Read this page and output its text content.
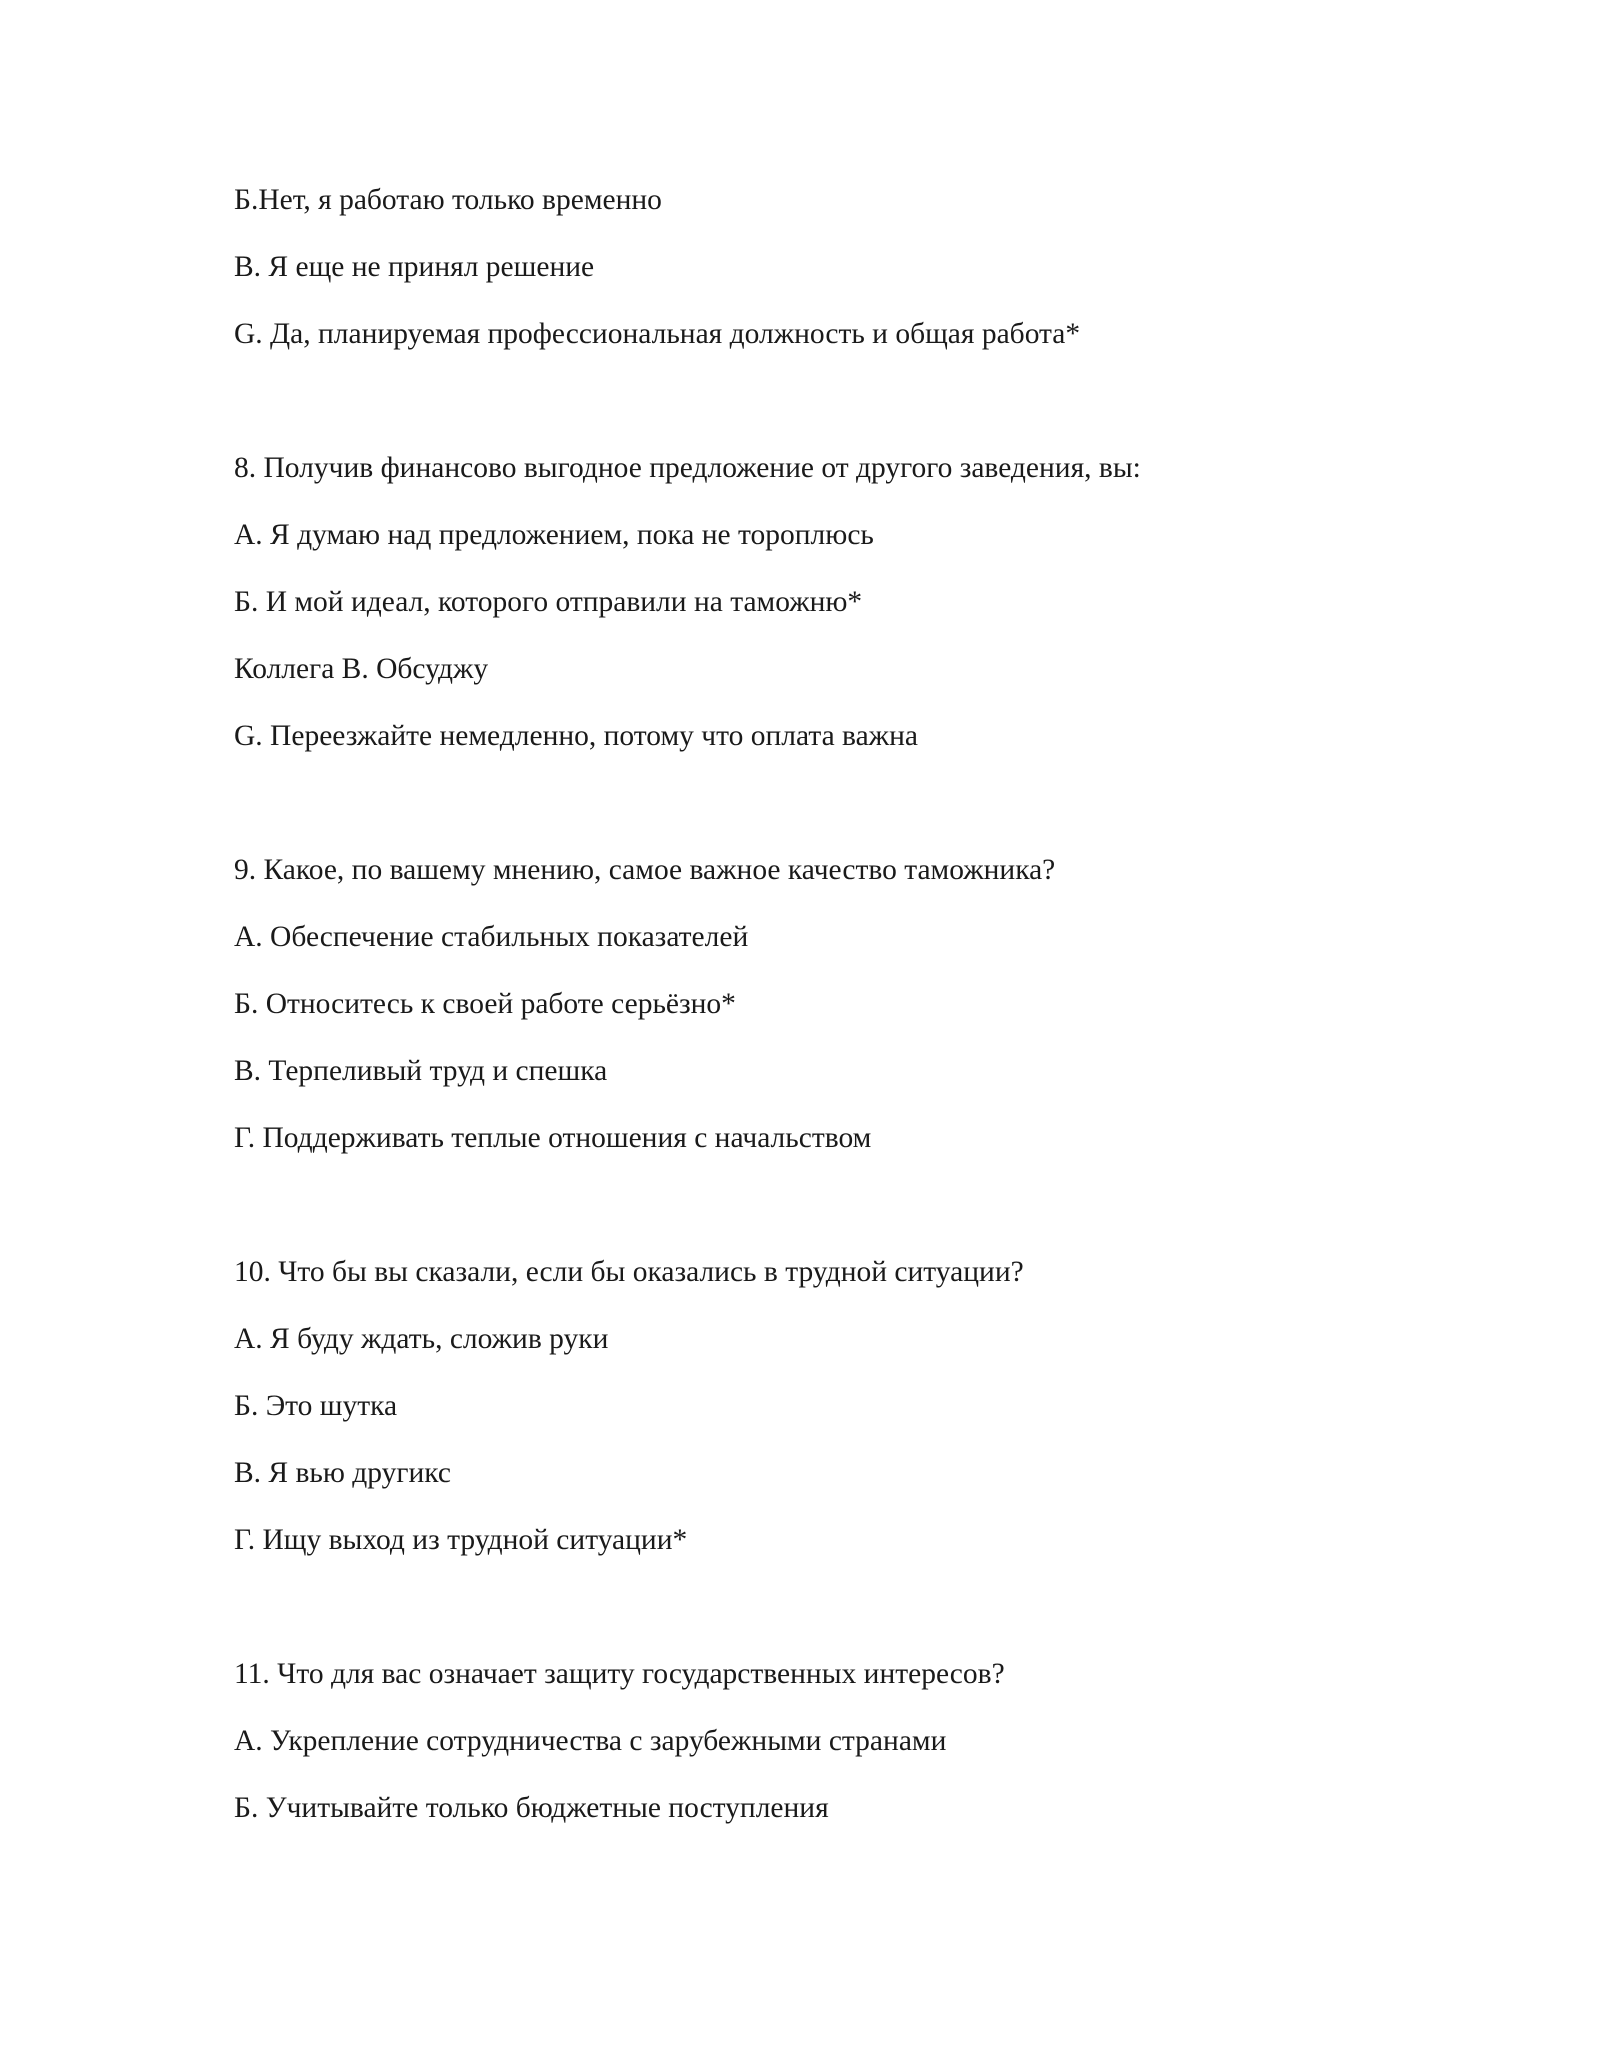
Б.Нет, я работаю только временно
В. Я еще не принял решение
G. Да, планируемая профессиональная должность и общая работа*
8. Получив финансово выгодное предложение от другого заведения, вы:
А. Я думаю над предложением, пока не тороплюсь
Б. И мой идеал, которого отправили на таможню*
Коллега В. Обсуджу
G. Переезжайте немедленно, потому что оплата важна
9. Какое, по вашему мнению, самое важное качество таможника?
А. Обеспечение стабильных показателей
Б. Относитесь к своей работе серьёзно*
В. Терпеливый труд и спешка
Г. Поддерживать теплые отношения с начальством
10. Что бы вы сказали, если бы оказались в трудной ситуации?
А. Я буду ждать, сложив руки
Б. Это шутка
В. Я вью другикс
Г. Ищу выход из трудной ситуации*
11. Что для вас означает защиту государственных интересов?
А. Укрепление сотрудничества с зарубежными странами
Б. Учитывайте только бюджетные поступления
